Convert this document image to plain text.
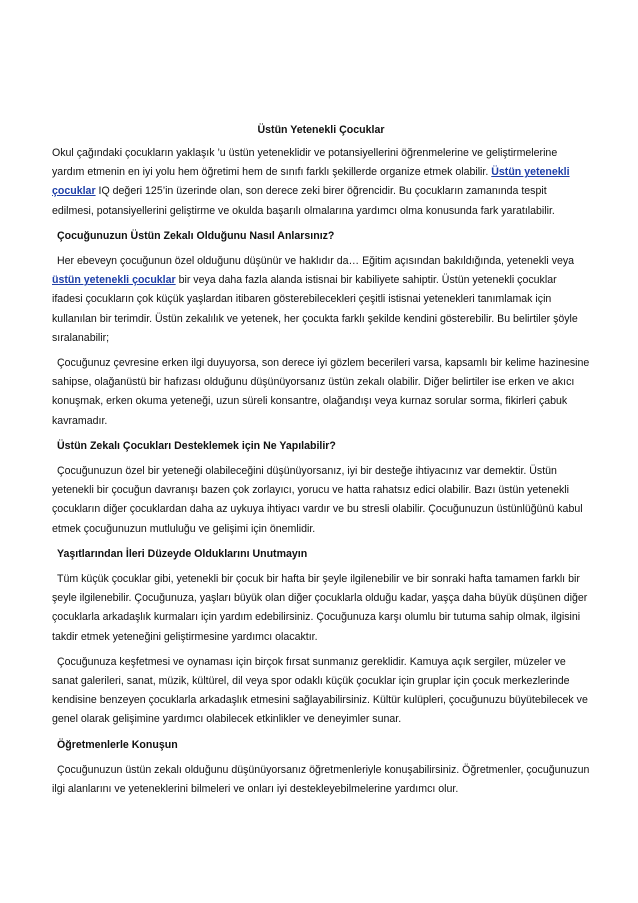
Üstün Yetenekli Çocuklar

Okul çağındaki çocukların yaklaşık ’u üstün yeteneklidir ve potansiyellerini öğrenmelerine ve geliştirmelerine yardım etmenin en iyi yolu hem öğretimi hem de sınıfı farklı şekillerde organize etmek olabilir. Üstün yetenekli çocuklar IQ değeri 125’in üzerinde olan, son derece zeki birer öğrencidir. Bu çocukların zamanında tespit edilmesi, potansiyellerini geliştirme ve okulda başarılı olmalarına yardımcı olma konusunda fark yaratılabilir.

Çocuğunuzun Üstün Zekalı Olduğunu Nasıl Anlarsınız?

Her ebeveyn çocuğunun özel olduğunu düşünür ve haklıdır da… Eğitim açısından bakıldığında, yetenekli veya üstün yetenekli çocuklar bir veya daha fazla alanda istisnai bir kabiliyete sahiptir. Üstün yetenekli çocuklar ifadesi çocukların çok küçük yaşlardan itibaren gösterebilecekleri çeşitli istisnai yetenekleri tanımlamak için kullanılan bir terimdir. Üstün zekalılık ve yetenek, her çocukta farklı şekilde kendini gösterebilir. Bu belirtiler şöyle sıralanabilir;

Çocuğunuz çevresine erken ilgi duyuyorsa, son derece iyi gözlem becerileri varsa, kapsamlı bir kelime hazinesine sahipse, olağanüstü bir hafızası olduğunu düşünüyorsanız üstün zekalı olabilir. Diğer belirtiler ise erken ve akıcı konuşmak, erken okuma yeteneği, uzun süreli konsantre, olağandışı veya kurnaz sorular sorma, fikirleri çabuk kavramadır.

Üstün Zekalı Çocukları Desteklemek için Ne Yapılabilir?

Çocuğunuzun özel bir yeteneği olabileceğini düşünüyorsanız, iyi bir desteğe ihtiyacınız var demektir. Üstün yetenekli bir çocuğun davranışı bazen çok zorlayıcı, yorucu ve hatta rahatsız edici olabilir. Bazı üstün yetenekli çocukların diğer çocuklardan daha az uykuya ihtiyacı vardır ve bu stresli olabilir. Çocuğunuzun üstünlüğünü kabul etmek çocuğunuzun mutluluğu ve gelişimi için önemlidir.

Yaşıtlarından İleri Düzeyde Olduklarını Unutmayın

Tüm küçük çocuklar gibi, yetenekli bir çocuk bir hafta bir şeyle ilgilenebilir ve bir sonraki hafta tamamen farklı bir şeyle ilgilenebilir. Çocuğunuza, yaşları büyük olan diğer çocuklarla olduğu kadar, yaşça daha büyük düşünen diğer çocuklarla arkadaşlık kurmaları için yardım edebilirsiniz. Çocuğunuza karşı olumlu bir tutuma sahip olmak, ilgisini takdir etmek yeteneğini geliştirmesine yardımcı olacaktır.

Çocuğunuza keşfetmesi ve oynaması için birçok fırsat sunmanız gereklidir. Kamuya açık sergiler, müzeler ve sanat galerileri, sanat, müzik, kültürel, dil veya spor odaklı küçük çocuklar için gruplar için çocuk merkezlerinde kendisine benzeyen çocuklarla arkadaşlık etmesini sağlayabilirsiniz. Kültür kulüpleri, çocuğunuzu büyütebilecek ve genel olarak gelişimine yardımcı olabilecek etkinlikler ve deneyimler sunar.

Öğretmenlerle Konuşun

Çocuğunuzun üstün zekalı olduğunu düşünüyorsanız öğretmenleriyle konuşabilirsiniz. Öğretmenler, çocuğunuzun ilgi alanlarını ve yeteneklerini bilmeleri ve onları iyi destekleyebilmelerine yardımcı olur.
